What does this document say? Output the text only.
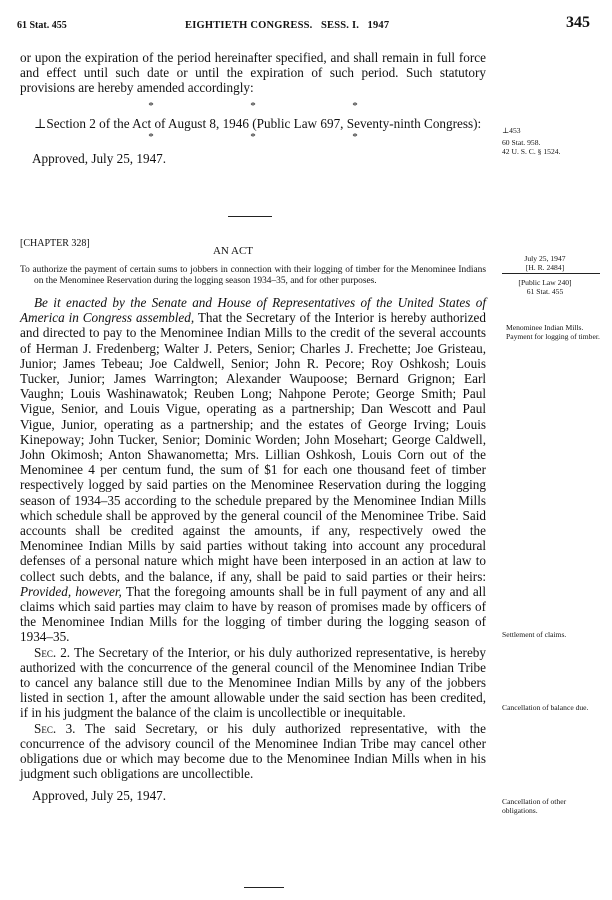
61 Stat. 455	EIGHTIETH CONGRESS.   SESS. I.   1947	345

or upon the expiration of the period hereinafter specified, and shall remain in full force and effect until such date or until the expiration of such period. Such statutory provisions are hereby amended accordingly:

*	*	*

⊥Section 2 of the Act of August 8, 1946 (Public Law 697, Seventy-ninth Congress):

*	*	*

Approved, July 25, 1947.

[CHAPTER 328]
AN ACT

To authorize the payment of certain sums to jobbers in connection with their logging of timber for the Menominee Indians on the Menominee Reservation during the logging season 1934–35, and for other purposes.

Be it enacted by the Senate and House of Representatives of the United States of America in Congress assembled, That the Secretary of the Interior is hereby authorized and directed to pay to the Menominee Indian Mills to the credit of the several accounts of Herman J. Fredenberg; Walter J. Peters, Senior; Charles J. Frechette; Joe Gristeau, Junior; James Tebeau; Joe Caldwell, Senior; John R. Pecore; Roy Oshkosh; Louis Tucker, Junior; James Warrington; Alexander Waupoose; Bernard Grignon; Earl Vaughn; Louis Washinawatok; Reuben Long; Nahpone Perote; George Smith; Paul Vigue, Senior, and Louis Vigue, operating as a partnership; Dan Wescott and Paul Vigue, Junior, operating as a partnership; and the estates of George Irving; Louis Kinepoway; John Tucker, Senior; Dominic Worden; John Mosehart; George Caldwell, John Okimosh; Anton Shawanometta; Mrs. Lillian Oshkosh, Louis Corn out of the Menominee 4 per centum fund, the sum of $1 for each one thousand feet of timber respectively logged by said parties on the Menominee Reservation during the logging season of 1934–35 according to the schedule prepared by the Menominee Indian Mills which schedule shall be approved by the general council of the Menominee Tribe. Said accounts shall be credited against the amounts, if any, respectively owed the Menominee Indian Mills by said parties without taking into account any procedural defenses of a personal nature which might have been interposed in an action at law to collect such debts, and the balance, if any, shall be paid to said parties or their heirs: Provided, however, That the foregoing amounts shall be in full payment of any and all claims which said parties may claim to have by reason of promises made by officers of the Menominee Indian Mills for the logging of timber during the logging season of 1934–35.

Sec. 2. The Secretary of the Interior, or his duly authorized representative, is hereby authorized with the concurrence of the general council of the Menominee Indian Tribe to cancel any balance still due to the Menominee Indian Mills by any of the jobbers listed in section 1, after the amount allowable under the said section has been credited, if in his judgment the balance of the claim is uncollectible or inequitable.

Sec. 3. The said Secretary, or his duly authorized representative, with the concurrence of the advisory council of the Menominee Indian Tribe may cancel other obligations due or which may become due to the Menominee Indian Mills when in his judgment such obligations are uncollectible.

Approved, July 25, 1947.

⊥453
60 Stat. 958.
42 U. S. C. § 1524.
July 25, 1947
[H. R. 2484]
[Public Law 240]
61 Stat. 455
Menominee Indian Mills.
Payment for logging of timber.
Settlement of claims.
Cancellation of balance due.
Cancellation of other obligations.
